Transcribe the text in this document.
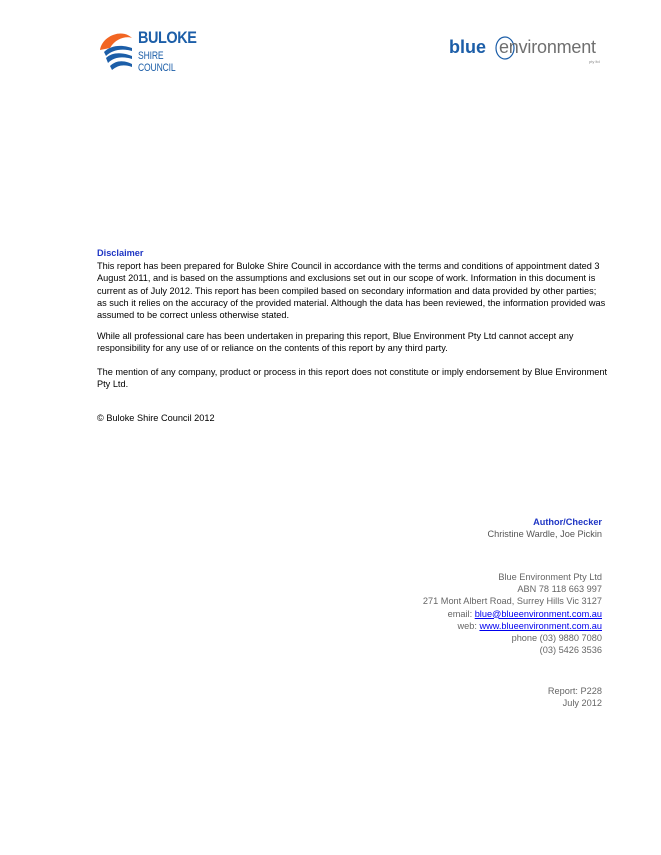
BULOKE
SHIRE COUNCIL
blue environment
pty ltd
Disclaimer
This report has been prepared for Buloke Shire Council in accordance with the terms and conditions of appointment dated 3 August 2011, and is based on the assumptions and exclusions set out in our scope of work. Information in this document is current as of July 2012. This report has been compiled based on secondary information and data provided by other parties; as such it relies on the accuracy of the provided material. Although the data has been reviewed, the information provided was assumed to be correct unless otherwise stated.
While all professional care has been undertaken in preparing this report, Blue Environment Pty Ltd cannot accept any responsibility for any use of or reliance on the contents of this report by any third party.
The mention of any company, product or process in this report does not constitute or imply endorsement by Blue Environment Pty Ltd.
© Buloke Shire Council 2012
Author/Checker
Christine Wardle, Joe Pickin
Blue Environment Pty Ltd
ABN 78 118 663 997
271 Mont Albert Road, Surrey Hills Vic 3127
email: blue@blueenvironment.com.au
web: www.blueenvironment.com.au
phone (03) 9880 7080
(03) 5426 3536
Report: P228
July 2012
